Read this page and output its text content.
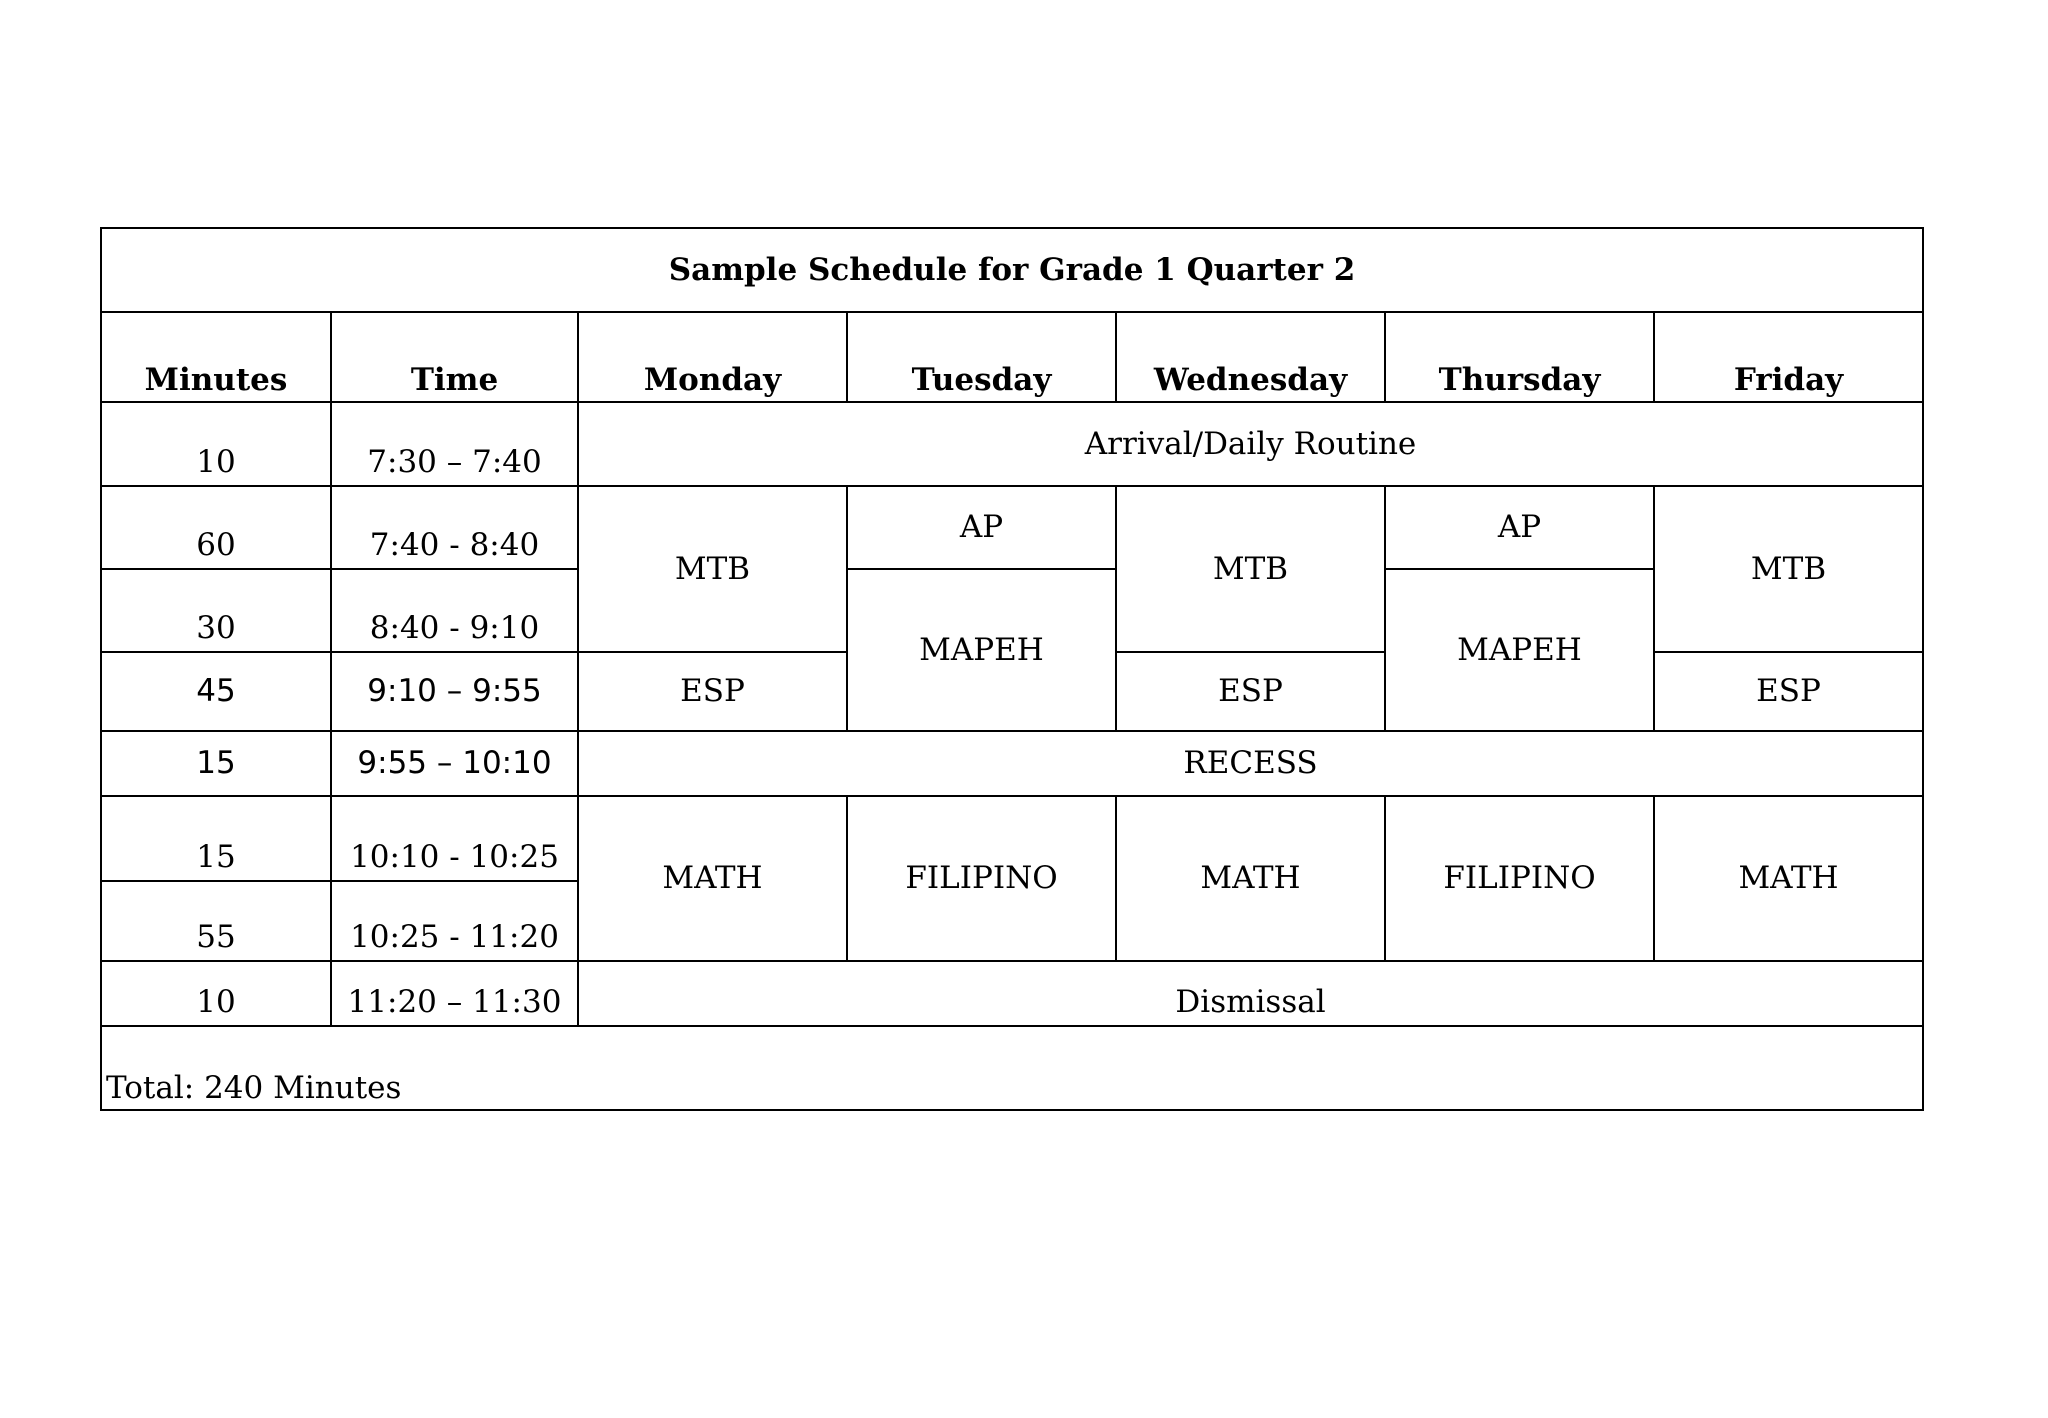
Sample Schedule for Grade 1 Quarter 2						
Minutes	Time	Monday	Tuesday	Wednesday	Thursday	Friday
10	7:30 – 7:40	Arrival/Daily Routine				
60	7:40 - 8:40	MTB	AP	MTB	AP	MTB
30	8:40 - 9:10		MAPEH		MAPEH	
45	9:10 – 9:55	ESP		ESP		ESP
15	9:55 – 10:10	RECESS				
15	10:10 - 10:25	MATH	FILIPINO	MATH	FILIPINO	MATH
55	10:25 - 11:20					
10	11:20 – 11:30	Dismissal				
Total: 240 Minutes						
